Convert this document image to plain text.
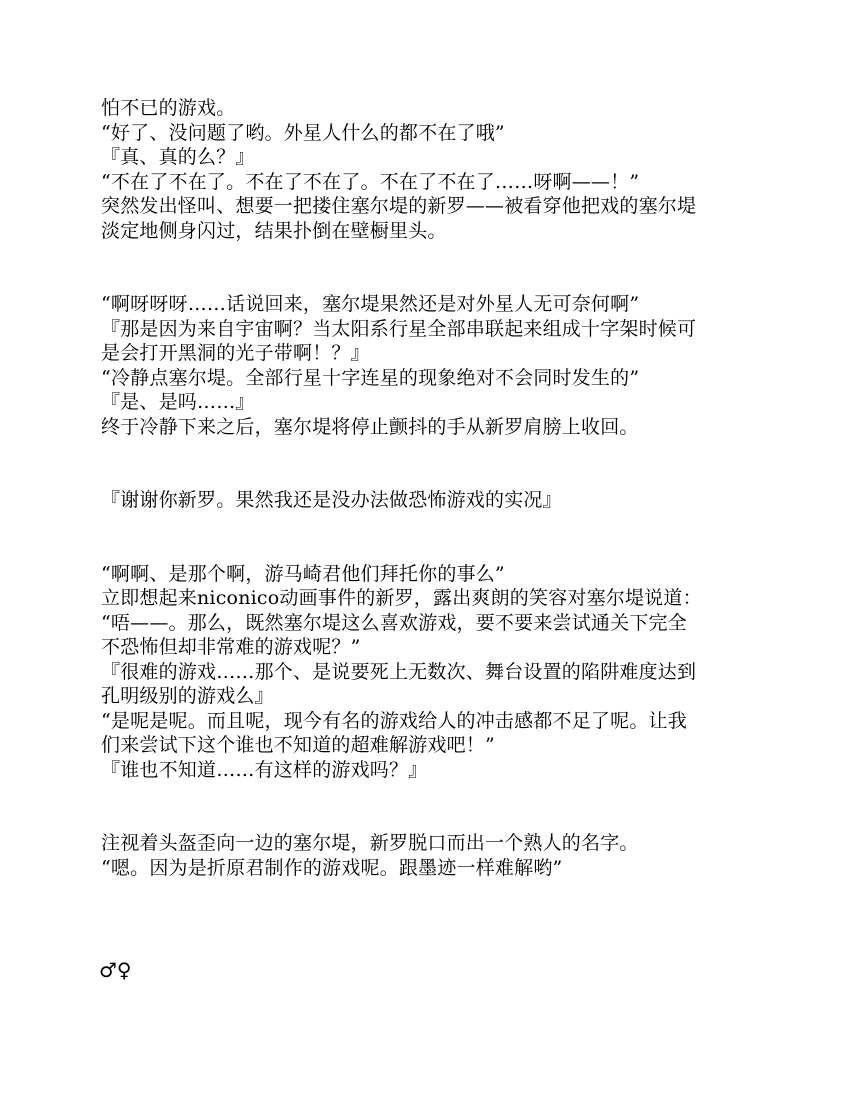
怕不已的游戏。
“好了、没问题了哟。外星人什么的都不在了哦”
『真、真的么？』
“不在了不在了。不在了不在了。不在了不在了……呀啊——！”
突然发出怪叫、想要一把搂住塞尔堤的新罗——被看穿他把戏的塞尔堤
淡定地侧身闪过，结果扑倒在壁橱里头。
“啊呀呀呀……话说回来，塞尔堤果然还是对外星人无可奈何啊”
『那是因为来自宇宙啊？当太阳系行星全部串联起来组成十字架时候可
是会打开黑洞的光子带啊！？』
“冷静点塞尔堤。全部行星十字连星的现象绝对不会同时发生的”
『是、是吗……』
终于冷静下来之后，塞尔堤将停止颤抖的手从新罗肩膀上收回。
『谢谢你新罗。果然我还是没办法做恐怖游戏的实况』
“啊啊、是那个啊，游马崎君他们拜托你的事么”
立即想起来niconico动画事件的新罗，露出爽朗的笑容对塞尔堤说道：
“唔——。那么，既然塞尔堤这么喜欢游戏，要不要来尝试通关下完全
不恐怖但却非常难的游戏呢？”
『很难的游戏……那个、是说要死上无数次、舞台设置的陷阱难度达到
孔明级别的游戏么』
“是呢是呢。而且呢，现今有名的游戏给人的冲击感都不足了呢。让我
们来尝试下这个谁也不知道的超难解游戏吧！”
『谁也不知道……有这样的游戏吗？』
注视着头盔歪向一边的塞尔堤，新罗脱口而出一个熟人的名字。
“嗯。因为是折原君制作的游戏呢。跟墨迹一样难解哟”
♂♀
